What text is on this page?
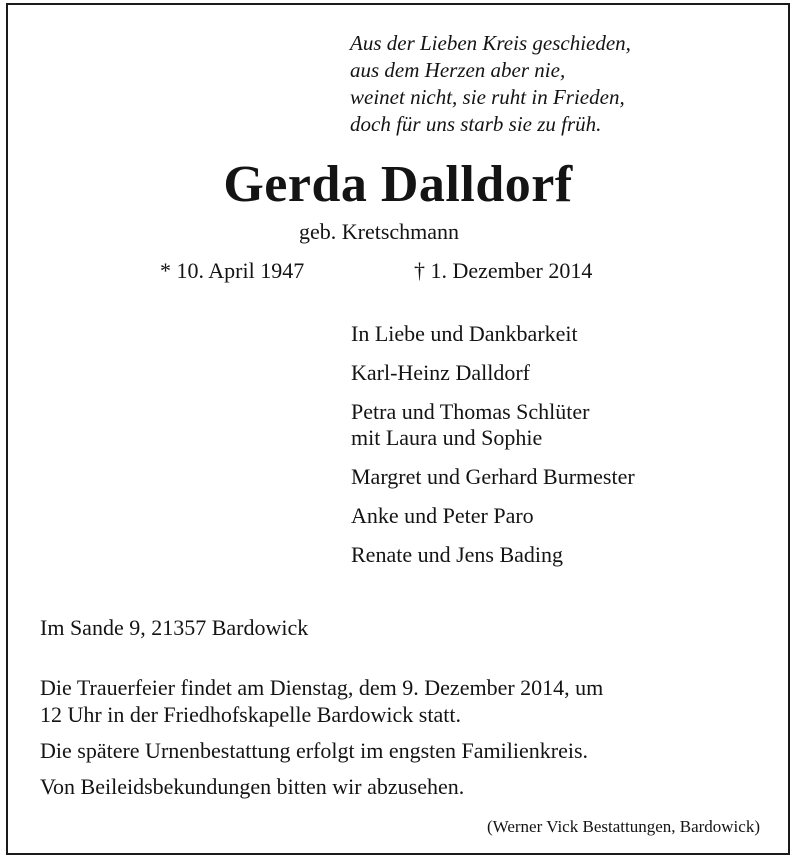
Aus der Lieben Kreis geschieden,
aus dem Herzen aber nie,
weinet nicht, sie ruht in Frieden,
doch für uns starb sie zu früh.
Gerda Dalldorf
geb. Kretschmann
* 10. April 1947	† 1. Dezember 2014
In Liebe und Dankbarkeit
Karl-Heinz Dalldorf
Petra und Thomas Schlüter
mit Laura und Sophie
Margret und Gerhard Burmester
Anke und Peter Paro
Renate und Jens Bading
Im Sande 9, 21357 Bardowick
Die Trauerfeier findet am Dienstag, dem 9. Dezember 2014, um
12 Uhr in der Friedhofskapelle Bardowick statt.
Die spätere Urnenbestattung erfolgt im engsten Familienkreis.
Von Beileidsbekundungen bitten wir abzusehen.
(Werner Vick Bestattungen, Bardowick)
